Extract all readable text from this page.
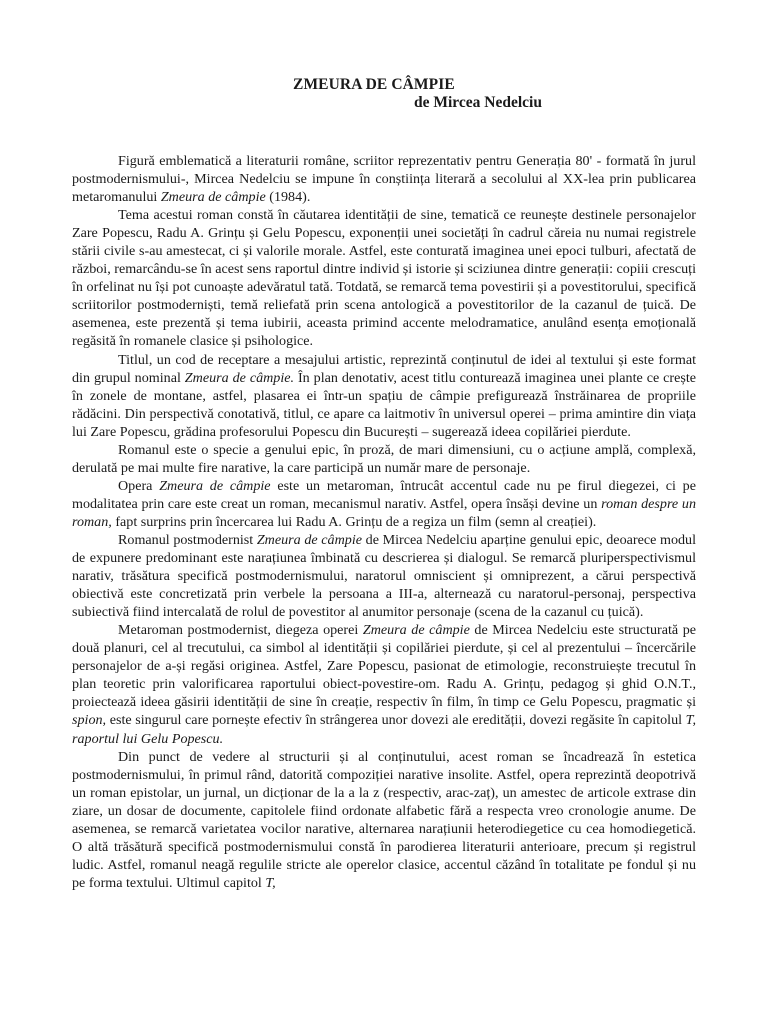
ZMEURA DE CÂMPIE
de Mircea Nedelciu

Figură emblematică a literaturii române, scriitor reprezentativ pentru Generația 80' - formată în jurul postmodernismului-, Mircea Nedelciu se impune în conștiința literară a secolului al XX-lea prin publicarea metaromanului Zmeura de câmpie (1984).

Tema acestui roman constă în căutarea identității de sine, tematică ce reunește destinele personajelor Zare Popescu, Radu A. Grințu și Gelu Popescu, exponenții unei societăți în cadrul căreia nu numai registrele stării civile s-au amestecat, ci și valorile morale. Astfel, este conturată imaginea unei epoci tulburi, afectată de război, remarcându-se în acest sens raportul dintre individ și istorie și sciziunea dintre generații: copiii crescuți în orfelinat nu își pot cunoaște adevăratul tată. Totdată, se remarcă tema povestirii și a povestitorului, specifică scriitorilor postmoderniști, temă reliefată prin scena antologică a povestitorilor de la cazanul de țuică. De asemenea, este prezentă și tema iubirii, aceasta primind accente melodramatice, anulând esența emoțională regăsită în romanele clasice și psihologice.

Titlul, un cod de receptare a mesajului artistic, reprezintă conținutul de idei al textului și este format din grupul nominal Zmeura de câmpie. În plan denotativ, acest titlu conturează imaginea unei plante ce crește în zonele de montane, astfel, plasarea ei într-un spațiu de câmpie prefigurează înstrăinarea de propriile rădăcini. Din perspectivă conotativă, titlul, ce apare ca laitmotiv în universul operei – prima amintire din viața lui Zare Popescu, grădina profesorului Popescu din București – sugerează ideea copilăriei pierdute.

Romanul este o specie a genului epic, în proză, de mari dimensiuni, cu o acțiune amplă, complexă, derulată pe mai multe fire narative, la care participă un număr mare de personaje.

Opera Zmeura de câmpie este un metaroman, întrucât accentul cade nu pe firul diegezei, ci pe modalitatea prin care este creat un roman, mecanismul narativ. Astfel, opera însăși devine un roman despre un roman, fapt surprins prin încercarea lui Radu A. Grințu de a regiza un film (semn al creației).

Romanul postmodernist Zmeura de câmpie de Mircea Nedelciu aparține genului epic, deoarece modul de expunere predominant este narațiunea îmbinată cu descrierea și dialogul. Se remarcă pluriperspectivismul narativ, trăsătura specifică postmodernismului, naratorul omniscient și omniprezent, a cărui perspectivă obiectivă este concretizată prin verbele la persoana a III-a, alternează cu naratorul-personaj, perspectiva subiectivă fiind intercalată de rolul de povestitor al anumitor personaje (scena de la cazanul cu țuică).

Metaroman postmodernist, diegeza operei Zmeura de câmpie de Mircea Nedelciu este structurată pe două planuri, cel al trecutului, ca simbol al identității și copilăriei pierdute, și cel al prezentului – încercările personajelor de a-și regăsi originea. Astfel, Zare Popescu, pasionat de etimologie, reconstruiește trecutul în plan teoretic prin valorificarea raportului obiect-povestire-om. Radu A. Grințu, pedagog și ghid O.N.T., proiectează ideea găsirii identității de sine în creație, respectiv în film, în timp ce Gelu Popescu, pragmatic și spion, este singurul care pornește efectiv în strângerea unor dovezi ale eredității, dovezi regăsite în capitolul T, raportul lui Gelu Popescu.

Din punct de vedere al structurii și al conținutului, acest roman se încadrează în estetica postmodernismului, în primul rând, datorită compoziției narative insolite. Astfel, opera reprezintă deopotrivă un roman epistolar, un jurnal, un dicționar de la a la z (respectiv, arac-zaț), un amestec de articole extrase din ziare, un dosar de documente, capitolele fiind ordonate alfabetic fără a respecta vreo cronologie anume. De asemenea, se remarcă varietatea vocilor narative, alternarea narațiunii heterodiegetice cu cea homodiegetică. O altă trăsătură specifică postmodernismului constă în parodierea literaturii anterioare, precum și registrul ludic. Astfel, romanul neagă regulile stricte ale operelor clasice, accentul căzând în totalitate pe fondul și nu pe forma textului. Ultimul capitol T,
